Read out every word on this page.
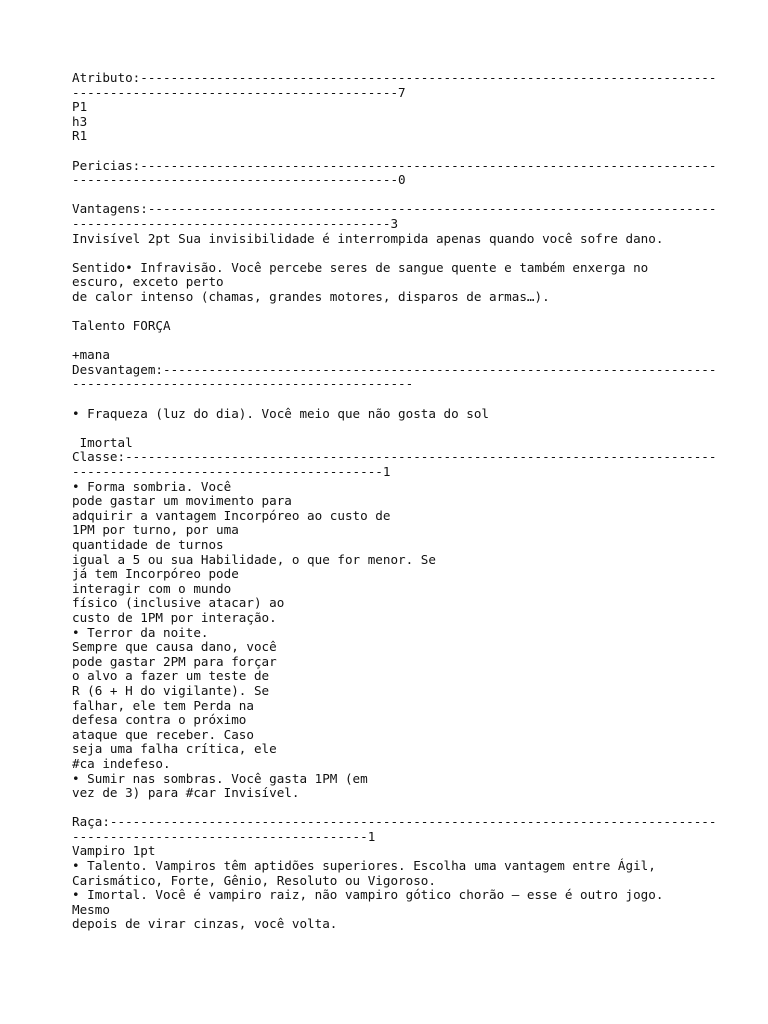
Atributo:----------------------------------------------------------------------------
-------------------------------------------7
P1
h3
R1
Pericias:----------------------------------------------------------------------------
-------------------------------------------0
Vantagens:---------------------------------------------------------------------------
------------------------------------------3
Invisível 2pt Sua invisibilidade é interrompida apenas quando você sofre dano.
Sentido• Infravisão. Você percebe seres de sangue quente e também enxerga no
escuro, exceto perto
de calor intenso (chamas, grandes motores, disparos de armas…).
Talento FORÇA
+mana
Desvantagem:-------------------------------------------------------------------------
---------------------------------------------
• Fraqueza (luz do dia). Você meio que não gosta do sol
Imortal
Classe:------------------------------------------------------------------------------
-----------------------------------------1
• Forma sombria. Você
pode gastar um movimento para
adquirir a vantagem Incorpóreo ao custo de
1PM por turno, por uma
quantidade de turnos
igual a 5 ou sua Habilidade, o que for menor. Se
já tem Incorpóreo pode
interagir com o mundo
físico (inclusive atacar) ao
custo de 1PM por interação.
• Terror da noite.
Sempre que causa dano, você
pode gastar 2PM para forçar
o alvo a fazer um teste de
R (6 + H do vigilante). Se
falhar, ele tem Perda na
defesa contra o próximo
ataque que receber. Caso
seja uma falha crítica, ele
#ca indefeso.
• Sumir nas sombras. Você gasta 1PM (em
vez de 3) para #car Invisível.
Raça:--------------------------------------------------------------------------------
---------------------------------------1
Vampiro 1pt
• Talento. Vampiros têm aptidões superiores. Escolha uma vantagem entre Ágil,
Carismático, Forte, Gênio, Resoluto ou Vigoroso.
• Imortal. Você é vampiro raiz, não vampiro gótico chorão — esse é outro jogo.
Mesmo
depois de virar cinzas, você volta.
